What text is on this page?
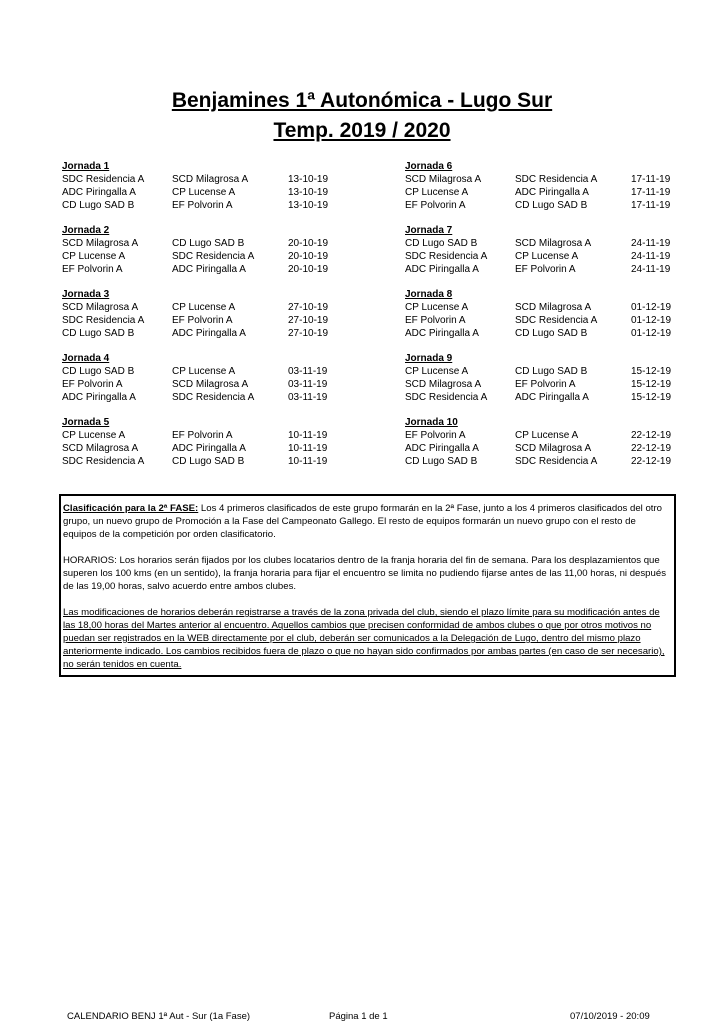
Benjamines 1ª Autonómica - Lugo Sur
Temp. 2019 / 2020
Jornada 1
SDC Residencia A	SCD Milagrosa A	13-10-19
ADC Piringalla A	CP Lucense A	13-10-19
CD Lugo SAD B	EF Polvorin A	13-10-19
Jornada 2
SCD Milagrosa A	CD Lugo SAD B	20-10-19
CP Lucense A	SDC Residencia A	20-10-19
EF Polvorin A	ADC Piringalla A	20-10-19
Jornada 3
SCD Milagrosa A	CP Lucense A	27-10-19
SDC Residencia A	EF Polvorin A	27-10-19
CD Lugo SAD B	ADC Piringalla A	27-10-19
Jornada 4
CD Lugo SAD B	CP Lucense A	03-11-19
EF Polvorin A	SCD Milagrosa A	03-11-19
ADC Piringalla A	SDC Residencia A	03-11-19
Jornada 5
CP Lucense A	EF Polvorin A	10-11-19
SCD Milagrosa A	ADC Piringalla A	10-11-19
SDC Residencia A	CD Lugo SAD B	10-11-19
Jornada 6
SCD Milagrosa A	SDC Residencia A	17-11-19
CP Lucense A	ADC Piringalla A	17-11-19
EF Polvorin A	CD Lugo SAD B	17-11-19
Jornada 7
CD Lugo SAD B	SCD Milagrosa A	24-11-19
SDC Residencia A	CP Lucense A	24-11-19
ADC Piringalla A	EF Polvorin A	24-11-19
Jornada 8
CP Lucense A	SCD Milagrosa A	01-12-19
EF Polvorin A	SDC Residencia A	01-12-19
ADC Piringalla A	CD Lugo SAD B	01-12-19
Jornada 9
CP Lucense A	CD Lugo SAD B	15-12-19
SCD Milagrosa A	EF Polvorin A	15-12-19
SDC Residencia A	ADC Piringalla A	15-12-19
Jornada 10
EF Polvorin A	CP Lucense A	22-12-19
ADC Piringalla A	SCD Milagrosa A	22-12-19
CD Lugo SAD B	SDC Residencia A	22-12-19

Clasificación para la 2ª FASE: Los 4 primeros clasificados de este grupo formarán en la 2ª Fase, junto a los 4 primeros clasificados del otro grupo, un nuevo grupo de Promoción a la Fase del Campeonato Gallego. El resto de equipos formarán un nuevo grupo con el resto de equipos de la competición por orden clasificatorio.

HORARIOS: Los horarios serán fijados por los clubes locatarios dentro de la franja horaria del fin de semana. Para los desplazamientos que superen los 100 kms (en un sentido), la franja horaria para fijar el encuentro se limita no pudiendo fijarse antes de las 11,00 horas, ni después de las 19,00 horas, salvo acuerdo entre ambos clubes.

Las modificaciones de horarios deberán registrarse a través de la zona privada del club, siendo el plazo límite para su modificación antes de las 18,00 horas del Martes anterior al encuentro. Aquellos cambios que precisen conformidad de ambos clubes o que por otros motivos no puedan ser registrados en la WEB directamente por el club, deberán ser comunicados a la Delegación de Lugo, dentro del mismo plazo anteriormente indicado. Los cambios recibidos fuera de plazo o que no hayan sido confirmados por ambas partes (en caso de ser necesario), no serán tenidos en cuenta.

CALENDARIO BENJ 1ª Aut - Sur (1a Fase)	Página 1 de 1	07/10/2019 - 20:09
